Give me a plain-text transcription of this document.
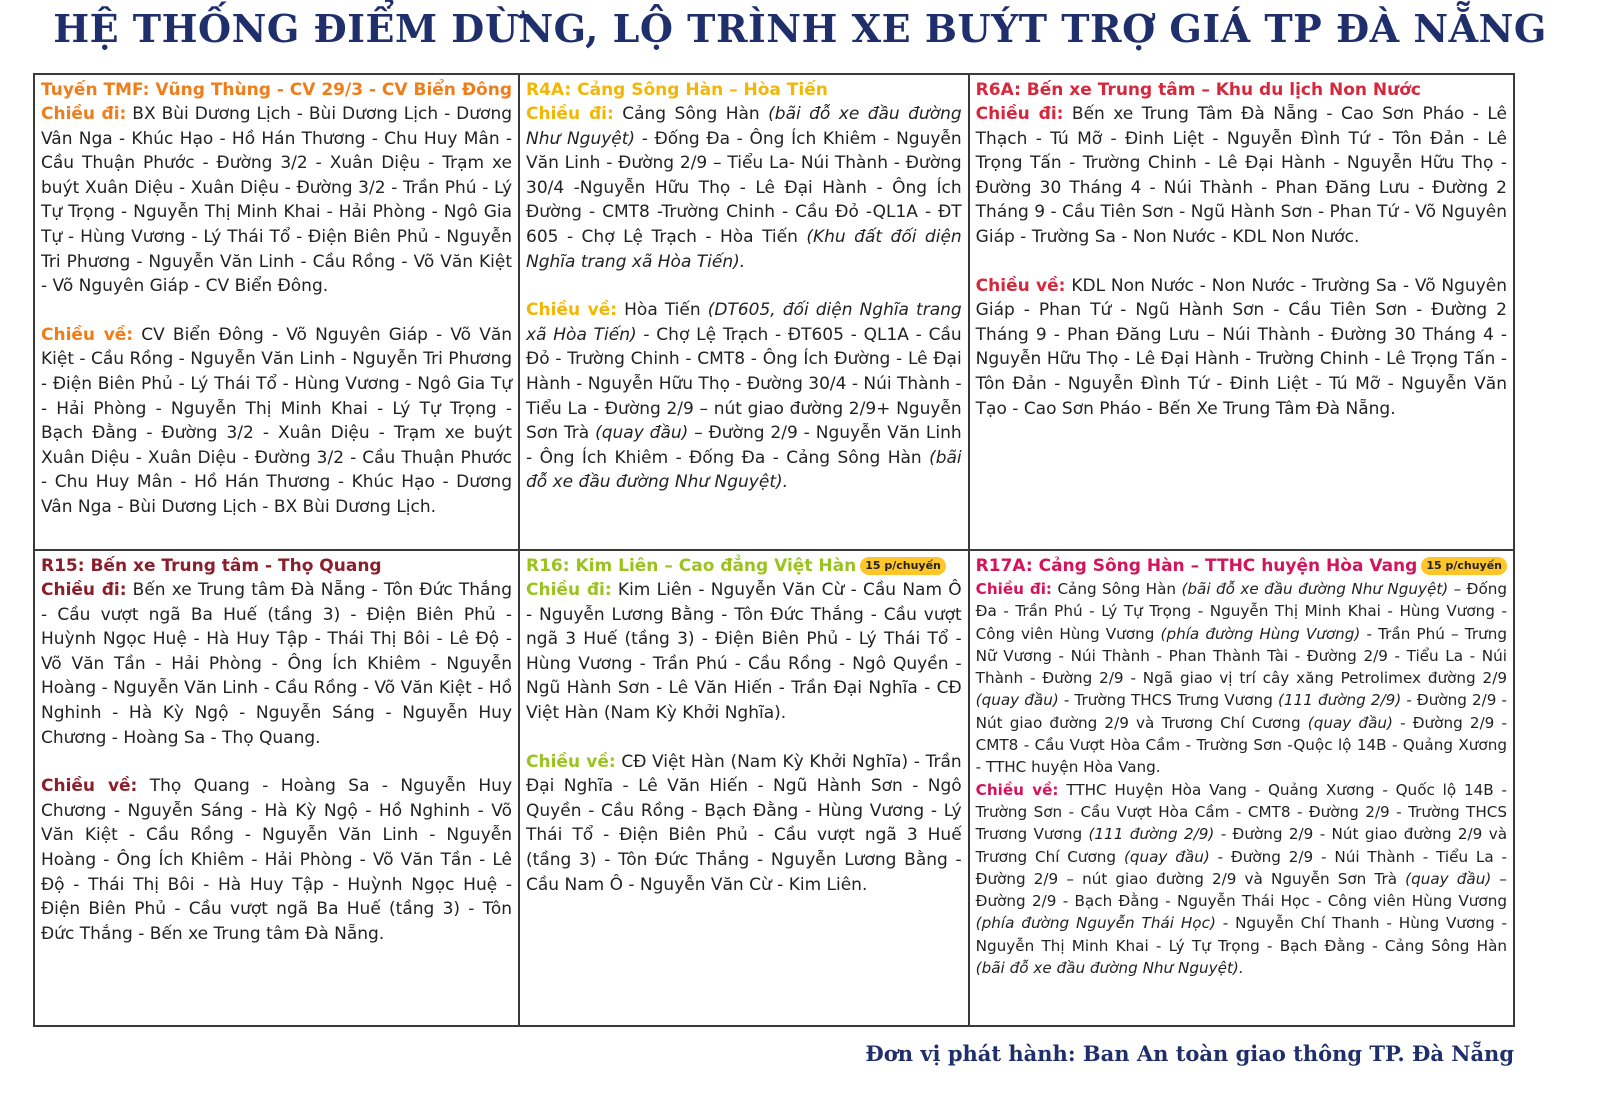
HỆ THỐNG ĐIỂM DỪNG, LỘ TRÌNH XE BUÝT TRỢ GIÁ TP ĐÀ NẴNG
Tuyến TMF: Vũng Thùng - CV 29/3 - CV Biển Đông

Chiều đi: BX Bùi Dương Lịch - Bùi Dương Lịch - Dương Vân Nga - Khúc Hạo - Hồ Hán Thương - Chu Huy Mân - Cầu Thuận Phước - Đường 3/2 - Xuân Diệu - Trạm xe buýt Xuân Diệu - Xuân Diệu - Đường 3/2 - Trần Phú - Lý Tự Trọng - Nguyễn Thị Minh Khai - Hải Phòng - Ngô Gia Tự - Hùng Vương - Lý Thái Tổ - Điện Biên Phủ - Nguyễn Tri Phương - Nguyễn Văn Linh - Cầu Rồng - Võ Văn Kiệt - Võ Nguyên Giáp - CV Biển Đông.

Chiều về: CV Biển Đông - Võ Nguyên Giáp - Võ Văn Kiệt - Cầu Rồng - Nguyễn Văn Linh - Nguyễn Tri Phương - Điện Biên Phủ - Lý Thái Tổ - Hùng Vương - Ngô Gia Tự - Hải Phòng - Nguyễn Thị Minh Khai - Lý Tự Trọng - Bạch Đằng - Đường 3/2 - Xuân Diệu - Trạm xe buýt Xuân Diệu - Xuân Diệu - Đường 3/2 - Cầu Thuận Phước - Chu Huy Mân - Hồ Hán Thương - Khúc Hạo - Dương Vân Nga - Bùi Dương Lịch - BX Bùi Dương Lịch.

R4A: Cảng Sông Hàn – Hòa Tiến

Chiều đi: Cảng Sông Hàn (bãi đỗ xe đầu đường Như Nguyệt) - Đống Đa - Ông Ích Khiêm - Nguyễn Văn Linh - Đường 2/9 – Tiểu La- Núi Thành - Đường 30/4 -Nguyễn Hữu Thọ - Lê Đại Hành - Ông Ích Đường - CMT8 -Trường Chinh - Cầu Đỏ -QL1A - ĐT 605 - Chợ Lệ Trạch - Hòa Tiến (Khu đất đối diện Nghĩa trang xã Hòa Tiến).

Chiều về: Hòa Tiến (DT605, đối diện Nghĩa trang xã Hòa Tiến) - Chợ Lệ Trạch - ĐT605 - QL1A - Cầu Đỏ - Trường Chinh - CMT8 - Ông Ích Đường - Lê Đại Hành - Nguyễn Hữu Thọ - Đường 30/4 - Núi Thành - Tiểu La - Đường 2/9 – nút giao đường 2/9+ Nguyễn Sơn Trà (quay đầu) – Đường 2/9 - Nguyễn Văn Linh - Ông Ích Khiêm - Đống Đa - Cảng Sông Hàn (bãi đỗ xe đầu đường Như Nguyệt).

R6A: Bến xe Trung tâm – Khu du lịch Non Nước

Chiều đi: Bến xe Trung Tâm Đà Nẵng - Cao Sơn Pháo - Lê Thạch - Tú Mỡ - Đinh Liệt - Nguyễn Đình Tứ - Tôn Đản - Lê Trọng Tấn - Trường Chinh - Lê Đại Hành - Nguyễn Hữu Thọ - Đường 30 Tháng 4 - Núi Thành - Phan Đăng Lưu - Đường 2 Tháng 9 - Cầu Tiên Sơn - Ngũ Hành Sơn - Phan Tứ - Võ Nguyên Giáp - Trường Sa - Non Nước - KDL Non Nước.

Chiều về: KDL Non Nước - Non Nước - Trường Sa - Võ Nguyên Giáp - Phan Tứ - Ngũ Hành Sơn - Cầu Tiên Sơn - Đường 2 Tháng 9 - Phan Đăng Lưu – Núi Thành - Đường 30 Tháng 4 - Nguyễn Hữu Thọ - Lê Đại Hành - Trường Chinh - Lê Trọng Tấn - Tôn Đản - Nguyễn Đình Tứ - Đinh Liệt - Tú Mỡ - Nguyễn Văn Tạo - Cao Sơn Pháo - Bến Xe Trung Tâm Đà Nẵng.

R15: Bến xe Trung tâm - Thọ Quang

Chiều đi: Bến xe Trung tâm Đà Nẵng - Tôn Đức Thắng - Cầu vượt ngã Ba Huế (tầng 3) - Điện Biên Phủ - Huỳnh Ngọc Huệ - Hà Huy Tập - Thái Thị Bôi - Lê Độ - Võ Văn Tần - Hải Phòng - Ông Ích Khiêm - Nguyễn Hoàng - Nguyễn Văn Linh - Cầu Rồng - Võ Văn Kiệt - Hồ Nghinh - Hà Kỳ Ngộ - Nguyễn Sáng - Nguyễn Huy Chương - Hoàng Sa - Thọ Quang.

Chiều về: Thọ Quang - Hoàng Sa - Nguyễn Huy Chương - Nguyễn Sáng - Hà Kỳ Ngộ - Hồ Nghinh - Võ Văn Kiệt - Cầu Rồng - Nguyễn Văn Linh - Nguyễn Hoàng - Ông Ích Khiêm - Hải Phòng - Võ Văn Tần - Lê Độ - Thái Thị Bôi - Hà Huy Tập - Huỳnh Ngọc Huệ - Điện Biên Phủ - Cầu vượt ngã Ba Huế (tầng 3) - Tôn Đức Thắng - Bến xe Trung tâm Đà Nẵng.

R16: Kim Liên – Cao đẳng Việt Hàn 15 p/chuyến

Chiều đi: Kim Liên - Nguyễn Văn Cừ - Cầu Nam Ô - Nguyễn Lương Bằng - Tôn Đức Thắng - Cầu vượt ngã 3 Huế (tầng 3) - Điện Biên Phủ - Lý Thái Tổ - Hùng Vương - Trần Phú - Cầu Rồng - Ngô Quyền - Ngũ Hành Sơn - Lê Văn Hiến - Trần Đại Nghĩa - CĐ Việt Hàn (Nam Kỳ Khởi Nghĩa).

Chiều về: CĐ Việt Hàn (Nam Kỳ Khởi Nghĩa) - Trần Đại Nghĩa - Lê Văn Hiến - Ngũ Hành Sơn - Ngô Quyền - Cầu Rồng - Bạch Đằng - Hùng Vương - Lý Thái Tổ - Điện Biên Phủ - Cầu vượt ngã 3 Huế (tầng 3) - Tôn Đức Thắng - Nguyễn Lương Bằng - Cầu Nam Ô - Nguyễn Văn Cừ - Kim Liên.

R17A: Cảng Sông Hàn – TTHC huyện Hòa Vang 15 p/chuyến

Chiều đi: Cảng Sông Hàn (bãi đỗ xe đầu đường Như Nguyệt) – Đống Đa - Trần Phú - Lý Tự Trọng - Nguyễn Thị Minh Khai - Hùng Vương - Công viên Hùng Vương (phía đường Hùng Vương) - Trần Phú – Trưng Nữ Vương - Núi Thành - Phan Thành Tài - Đường 2/9 - Tiểu La - Núi Thành - Đường 2/9 - Ngã giao vị trí cây xăng Petrolimex đường 2/9 (quay đầu) - Trường THCS Trưng Vương (111 đường 2/9) - Đường 2/9 - Nút giao đường 2/9 và Trương Chí Cương (quay đầu) - Đường 2/9 - CMT8 - Cầu Vượt Hòa Cầm - Trường Sơn -Quộc lộ 14B - Quảng Xương - TTHC huyện Hòa Vang.

Chiều về: TTHC Huyện Hòa Vang - Quảng Xương - Quốc lộ 14B - Trường Sơn - Cầu Vượt Hòa Cầm - CMT8 - Đường 2/9 - Trường THCS Trương Vương (111 đường 2/9) - Đường 2/9 - Nút giao đường 2/9 và Trương Chí Cương (quay đầu) - Đường 2/9 - Núi Thành - Tiểu La - Đường 2/9 – nút giao đường 2/9 và Nguyễn Sơn Trà (quay đầu) – Đường 2/9 - Bạch Đằng - Nguyễn Thái Học - Công viên Hùng Vương (phía đường Nguyễn Thái Học) - Nguyễn Chí Thanh - Hùng Vương - Nguyễn Thị Minh Khai - Lý Tự Trọng - Bạch Đằng - Cảng Sông Hàn (bãi đỗ xe đầu đường Như Nguyệt).

Đơn vị phát hành: Ban An toàn giao thông TP. Đà Nẵng
